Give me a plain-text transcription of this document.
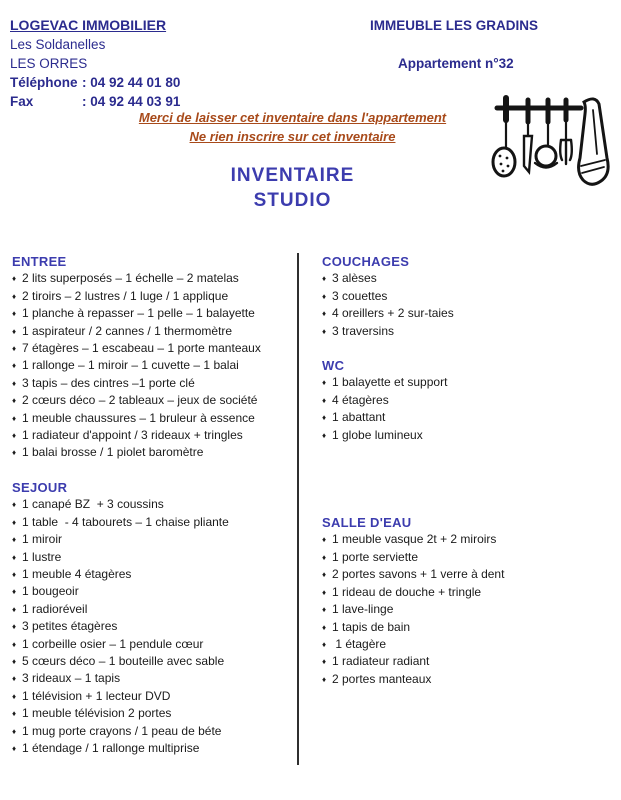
LOGEVAC IMMOBILIER
Les Soldanelles
LES ORRES
Téléphone : 04 92 44 01 80
Fax	: 04 92 44 03 91
IMMEUBLE LES GRADINS
Appartement n°32
Merci de laisser cet inventaire dans l'appartement
Ne rien inscrire sur cet inventaire
INVENTAIRE
STUDIO
ENTREE
♦ 2 lits superposés – 1 échelle – 2 matelas
♦ 2 tiroirs – 2 lustres / 1 luge / 1 applique
♦ 1 planche à repasser – 1 pelle – 1 balayette
♦ 1 aspirateur / 2 cannes / 1 thermomètre
♦ 7 étagères – 1 escabeau – 1 porte manteaux
♦ 1 rallonge – 1 miroir – 1 cuvette – 1 balai
♦ 3 tapis – des cintres –1 porte clé
♦ 2 cœurs déco – 2 tableaux – jeux de société
♦ 1 meuble chaussures – 1 bruleur à essence
♦ 1 radiateur d'appoint / 3 rideaux + tringles
♦ 1 balai brosse / 1 piolet baromètre
SEJOUR
♦ 1 canapé BZ  + 3 coussins
♦ 1 table  - 4 tabourets – 1 chaise pliante
♦ 1 miroir
♦ 1 lustre
♦ 1 meuble 4 étagères
♦ 1 bougeoir
♦ 1 radioréveil
♦ 3 petites étagères
♦ 1 corbeille osier – 1 pendule cœur
♦ 5 cœurs déco – 1 bouteille avec sable
♦ 3 rideaux – 1 tapis
♦ 1 télévision + 1 lecteur DVD
♦ 1 meuble télévision 2 portes
♦ 1 mug porte crayons / 1 peau de béte
♦ 1 étendage / 1 rallonge multiprise
COUCHAGES
♦ 3 alèses
♦ 3 couettes
♦ 4 oreillers + 2 sur-taies
♦ 3 traversins
WC
♦ 1 balayette et support
♦ 4 étagères
♦ 1 abattant
♦ 1 globe lumineux
SALLE D'EAU
♦ 1 meuble vasque 2t + 2 miroirs
♦ 1 porte serviette
♦ 2 portes savons + 1 verre à dent
♦ 1 rideau de douche + tringle
♦ 1 lave-linge
♦ 1 tapis de bain
♦ 1 étagère
♦ 1 radiateur radiant
♦ 2 portes manteaux
